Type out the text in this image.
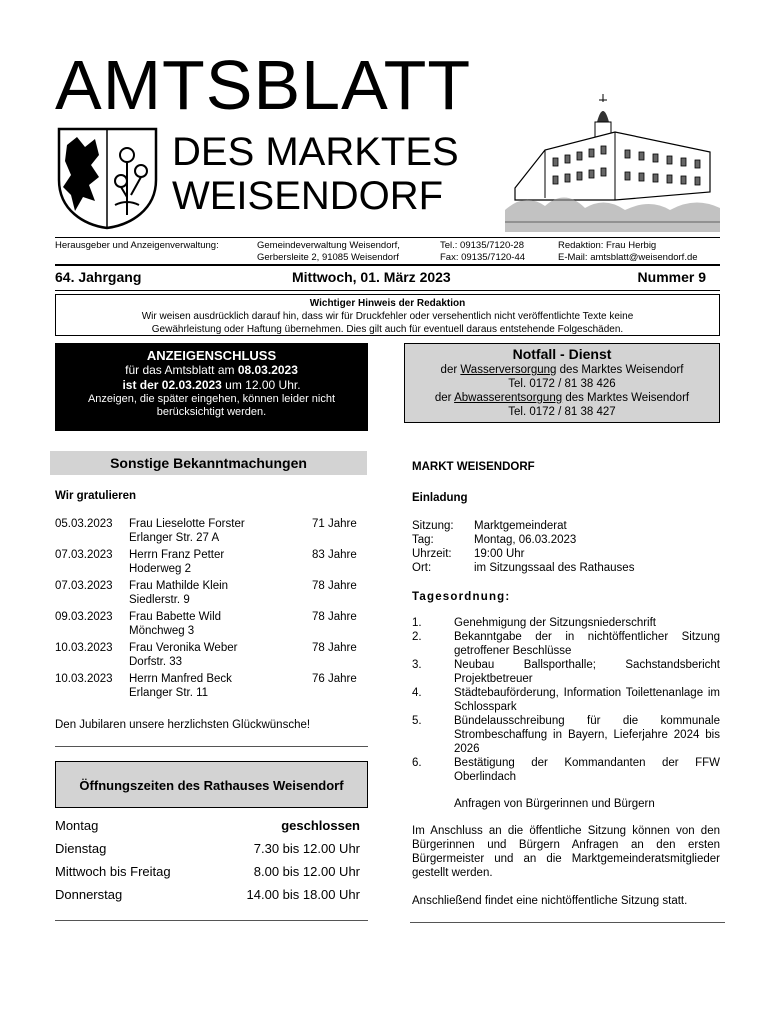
AMTSBLATT
DES MARKTES
WEISENDORF
Herausgeber und Anzeigenverwaltung:	Gemeindeverwaltung Weisendorf,
Gerbersleite 2, 91085 Weisendorf
Tel.: 09135/7120-28
Fax: 09135/7120-44
Redaktion: Frau Herbig
E-Mail: amtsblatt@weisendorf.de
64. Jahrgang	Mittwoch, 01. März 2023	Nummer 9
Wichtiger Hinweis der Redaktion
Wir weisen ausdrücklich darauf hin, dass wir für Druckfehler oder versehentlich nicht veröffentlichte Texte keine
Gewährleistung oder Haftung übernehmen. Dies gilt auch für eventuell daraus entstehende Folgeschäden.
ANZEIGENSCHLUSS
für das Amtsblatt am 08.03.2023
ist der 02.03.2023 um 12.00 Uhr.
Anzeigen, die später eingehen, können leider nicht
berücksichtigt werden.
Notfall - Dienst
der Wasserversorgung des Marktes Weisendorf
Tel. 0172 / 81 38 426
der Abwasserentsorgung des Marktes Weisendorf
Tel. 0172 / 81 38 427
Sonstige Bekanntmachungen
Wir gratulieren
05.03.2023 Frau Lieselotte Forster
Erlanger Str. 27 A
71 Jahre
07.03.2023 Herrn Franz Petter
Hoderweg 2
83 Jahre
07.03.2023 Frau Mathilde Klein
Siedlerstr. 9
78 Jahre
09.03.2023 Frau Babette Wild
Mönchweg 3
78 Jahre
10.03.2023 Frau Veronika Weber
Dorfstr. 33
78 Jahre
10.03.2023 Herrn Manfred Beck
Erlanger Str. 11
76 Jahre
Den Jubilaren unsere herzlichsten Glückwünsche!
Öffnungszeiten des Rathauses Weisendorf
Montag	geschlossen
Dienstag	7.30 bis 12.00 Uhr
Mittwoch bis Freitag	8.00 bis 12.00 Uhr
Donnerstag	14.00 bis 18.00 Uhr
MARKT WEISENDORF
Einladung
Sitzung: Marktgemeinderat
Tag:	Montag, 06.03.2023
Uhrzeit: 19:00 Uhr
Ort:	im Sitzungssaal des Rathauses
Tagesordnung:
1.	Genehmigung der Sitzungsniederschrift
2.	Bekanntgabe der in nichtöffentlicher Sitzung getroffener Beschlüsse
3.	Neubau Ballsporthalle; Sachstandsbericht Projektbetreuer
4.	Städtebauförderung, Information Toilettenanlage im Schlosspark
5.	Bündelausschreibung für die kommunale Strombeschaffung in Bayern, Lieferjahre 2024 bis 2026
6.	Bestätigung der Kommandanten der FFW Oberlindach
Anfragen von Bürgerinnen und Bürgern
Im Anschluss an die öffentliche Sitzung können von den Bürgerinnen und Bürgern Anfragen an den ersten Bürgermeister und an die Marktgemeinderatsmitglieder gestellt werden.
Anschließend findet eine nichtöffentliche Sitzung statt.
